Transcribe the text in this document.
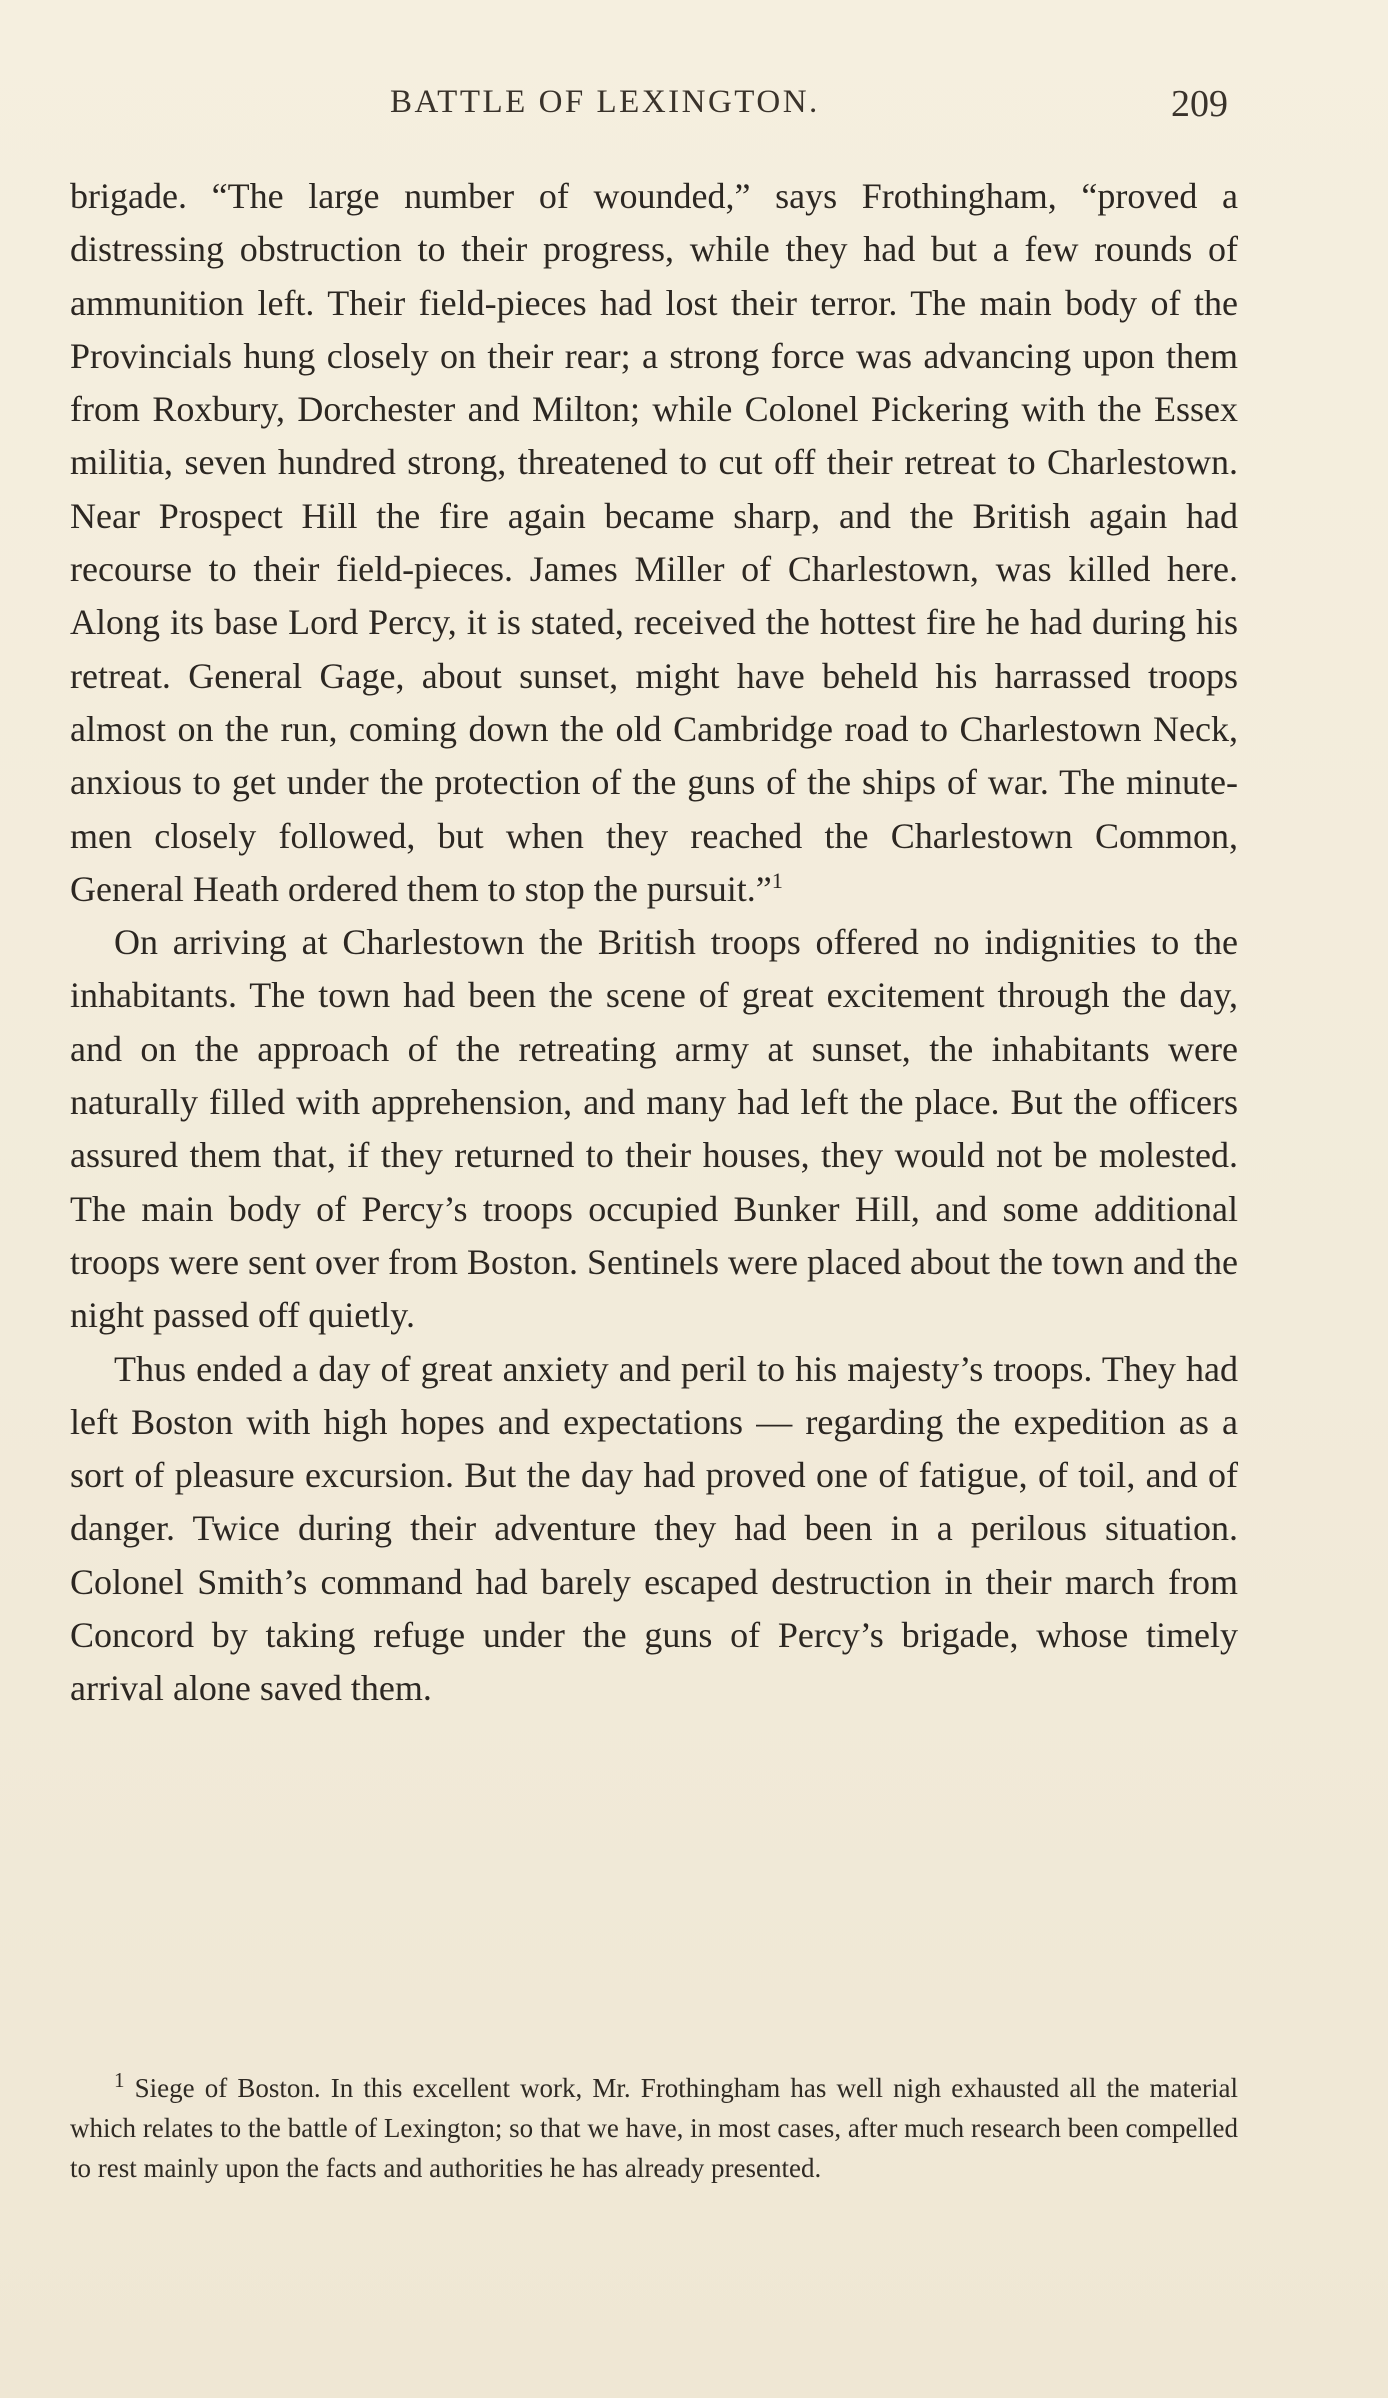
BATTLE OF LEXINGTON.	209

brigade. “The large number of wounded,” says Frothingham, “proved a distressing obstruction to their progress, while they had but a few rounds of ammunition left. Their field-pieces had lost their terror. The main body of the Provincials hung closely on their rear; a strong force was advancing upon them from Roxbury, Dorchester and Milton; while Colonel Pickering with the Essex militia, seven hundred strong, threatened to cut off their retreat to Charlestown. Near Prospect Hill the fire again became sharp, and the British again had recourse to their field-pieces. James Miller of Charlestown, was killed here. Along its base Lord Percy, it is stated, received the hottest fire he had during his retreat. General Gage, about sunset, might have beheld his harrassed troops almost on the run, coming down the old Cambridge road to Charlestown Neck, anxious to get under the protection of the guns of the ships of war. The minute-men closely followed, but when they reached the Charlestown Common, General Heath ordered them to stop the pursuit.”$^1$

On arriving at Charlestown the British troops offered no indignities to the inhabitants. The town had been the scene of great excitement through the day, and on the approach of the retreating army at sunset, the inhabitants were naturally filled with apprehension, and many had left the place. But the officers assured them that, if they returned to their houses, they would not be molested. The main body of Percy’s troops occupied Bunker Hill, and some additional troops were sent over from Boston. Sentinels were placed about the town and the night passed off quietly.

Thus ended a day of great anxiety and peril to his majesty’s troops. They had left Boston with high hopes and expectations — regarding the expedition as a sort of pleasure excursion. But the day had proved one of fatigue, of toil, and of danger. Twice during their adventure they had been in a perilous situation. Colonel Smith’s command had barely escaped destruction in their march from Concord by taking refuge under the guns of Percy’s brigade, whose timely arrival alone saved them.

$^1$ Siege of Boston. In this excellent work, Mr. Frothingham has well nigh exhausted all the material which relates to the battle of Lexington; so that we have, in most cases, after much research been compelled to rest mainly upon the facts and authorities he has already presented.
